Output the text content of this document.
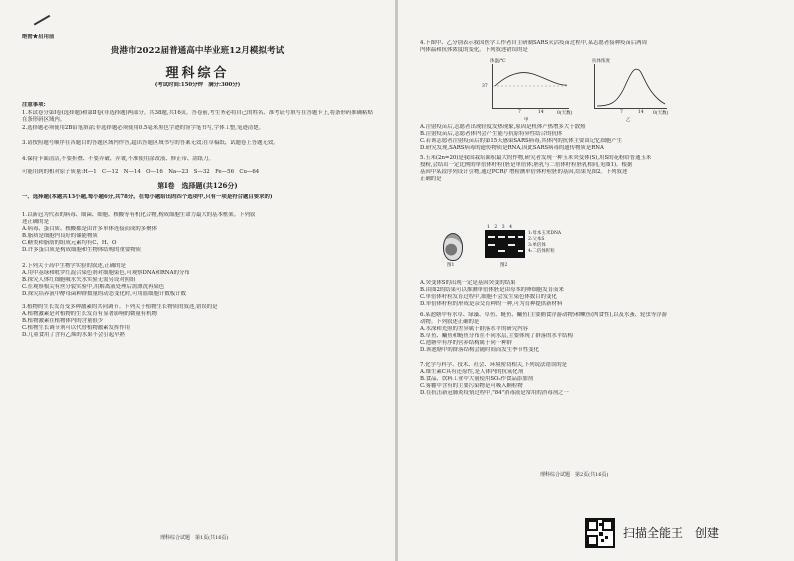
绝密★启用前
贵港市2022届普通高中毕业班12月模拟考试
理科综合
(考试时间:150分钟　满分:300分)
注意事项:
1.本试卷分第Ⅰ卷(选择题)和第Ⅱ卷(非选择题)两部分。共38题,共16页。答卷前,考生务必将自己的姓名、准考证号填写在答题卡上,将条形码准确粘贴在条形码区域内。
2.选择题必须使用2B铅笔填涂;非选择题必须使用0.5毫米黑色字迹的签字笔书写,字体工整,笔迹清楚。
3.请按照题号顺序在各题目的答题区域内作答,超出答题区域书写的答案无效;在草稿纸、试题卷上答题无效。
4.保持卡面清洁,不要折叠、不要弄破、弄皱,不准使用涂改液、修正带、刮纸刀。
可能用到的相对原子质量:H—1　C—12　N—14　O—16　Na—23　S—32　Fe—56　Cu—64
第Ⅰ卷　选择题(共126分)
一、选择题(本题共13小题,每小题6分,共78分。在每小题给出的四个选项中,只有一项是符合题目要求的)
1.以新冠为代表的病毒、细菌、细胞、核酸等有机化合物,构成细胞生命力最大的基本框架。下列叙
述正确的是
A.病毒、蛋白质、核酸都是由许多单体连接而成的多聚体
B.脂质是细胞内良好的储能物质
C.糖类和脂肪的组成元素均有C、H、O
D.许多蛋白质是构成细胞和生物体结构的重要物质
2.下列关于高中生物学实验的叙述,正确的是
A.用甲基绿和吡罗红混合染色剂对细胞染色,可观察DNA和RNA的分布
B.探究人体红细胞吸水失水实验无需另设对照组
C.在观察根尖有丝分裂实验中,用解离液处理后需漂洗再染色
D.探究培养液中酵母菌种群数量的动态变化时,可用血细胞计数板计数
3.植物的生长发育受多种激素的共同调节。下列关于植物生长物质的叙述,错误的是
A.植物激素是对植物的生长发育有显著影响的微量有机物
B.植物激素在植物体内的含量很少
C.植物生长调节剂可以代替植物激素发挥作用
D.儿童食用了含有乙烯的水果不会引起早熟
理科综合试题　第1页(共16页)
4.下图甲、乙分别表示我国医学工作者自主研制SARS灭活疫苗过程中,某志愿者接种疫苗后两周
内体温和抗体浓度的变化。下列叙述错误的是
体温/℃
37
7	14	0(天数)
甲
抗体浓度
7	14 0(天数)
乙
A.注射疫苗后,志愿者出现轻度发热现象,原因是机体产热增多大于散热
B.注射疫苗后,志愿者体内会产生能与抗原特异性结合的抗体
C.若该志愿者注射疫苗后的第15天感染SARS病毒,其体内的抗体主要由记忆细胞产生
D.研究发现,SARS病毒的遗传物质是RNA,因此SARS病毒的遗传物质是RNA
5.玉米(2n=20)是我国栽培面积最大的作物,研究者发现一种玉米突变体(S),用S的花粉给普通玉米
授粉,会结出一定比例的单倍体籽粒(胚是单倍体;胚乳与二倍体籽粒胚乳相同,见图1)。根据
基因中某段序列设计引物,通过PCR扩增检测单倍体籽粒胚的基因,结果见图2。下列叙述
正确的是
图1
1　2　3　4
图2
1:母本玉米DNA
2:父本S
3:单倍体
4:二倍体籽粒
A.突变体S的出现一定是基因突变的结果
B.由图2的结果可以推测单倍体胚是由母本的卵细胞发育而来
C.单倍体籽粒发育过程中,细胞不会发生染色体数目的变化
D.单倍体籽粒的形成是杂交育种的一种,可为育种提供新材料
6.某池塘中有水草、绿藻、草鱼、鲢鱼、鳙鱼(主要捕食浮游动物)和鳜鱼(肉食性),以及水蚤、轮虫等浮游
动物。下列叙述正确的是
A.水深和光照的差异属于群落水平的研究内容
B.草鱼、鳙鱼和鲢鱼分布在不同水层,主要体现了群落的水平结构
C.池塘中有序的营养结构属于同一种群
D.该池塘中的群落结构会随时间而发生季节性变化
7.化学与科学、技术、社会、环境密切相关,下列说法错误的是
A.维生素C具有还原性,是人体内的抗氧化剂
B.食品、饮料工业中大量使用SO₂作食品添加剂
C.雾霾中含有的主要污染物是可吸入颗粒物
D.在抗击新冠肺炎疫情过程中,"84"消毒液是常用的消毒剂之一
理科综合试题　第2页(共16页)
扫描全能王　创建
